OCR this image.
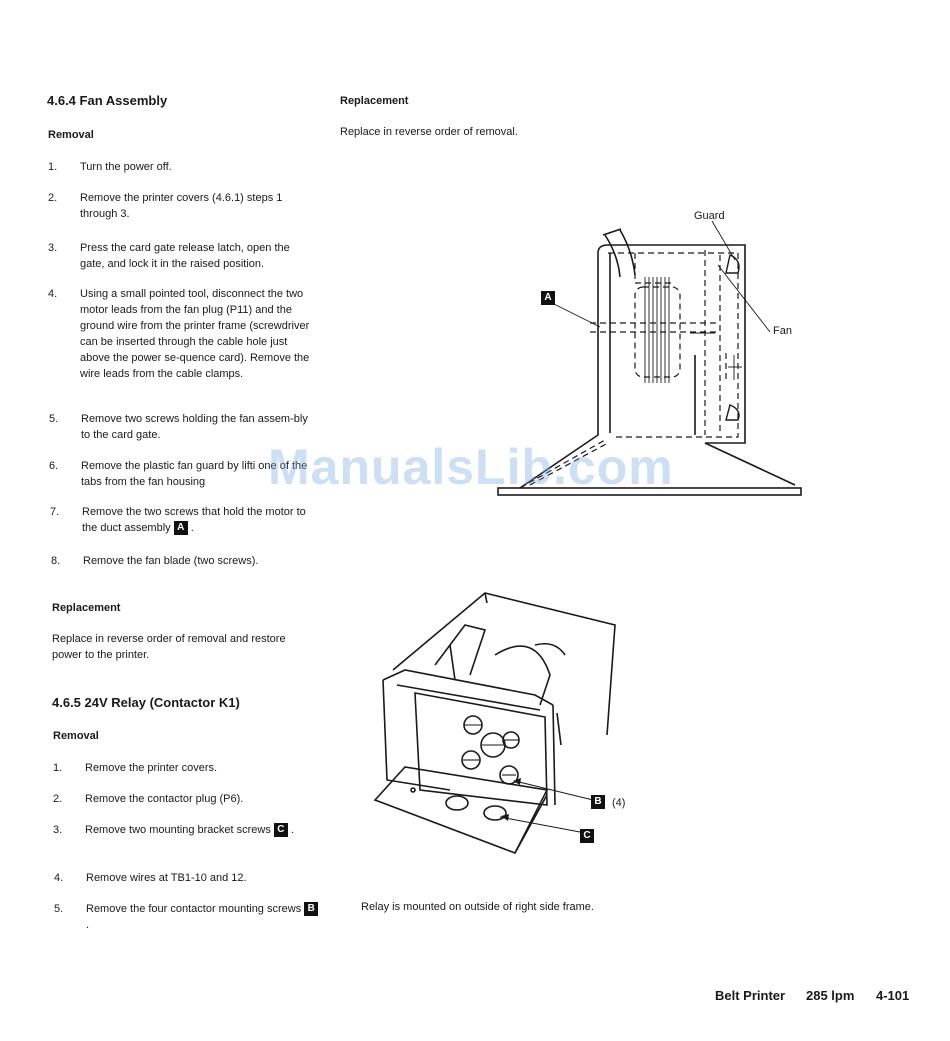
4.6.4 Fan Assembly
Removal
1.	Turn the power off.
2.	Remove the printer covers (4.6.1) steps 1 through 3.
3.	Press the card gate release latch, open the gate, and lock it in the raised position.
4.	Using a small pointed tool, disconnect the two motor leads from the fan plug (P11) and the ground wire from the printer frame (screwdriver can be inserted through the cable hole just above the power se-quence card). Remove the wire leads from the cable clamps.
5.	Remove two screws holding the fan assem-bly to the card gate.
6.	Remove the plastic fan guard by lifti one of the tabs from the fan housing
7.	Remove the two screws that hold the motor to the duct assembly A .
8.	Remove the fan blade (two screws).
Replacement
Replace in reverse order of removal and restore power to the printer.
4.6.5 24V Relay (Contactor K1)
Removal
1.	Remove the printer covers.
2.	Remove the contactor plug (P6).
3.	Remove two mounting bracket screws C .
4.	Remove wires at TB1-10 and 12.
5.	Remove the four contactor mounting screws B .
Replacement
Replace in reverse order of removal.
Guard
Fan
A
B (4)
C
Relay is mounted on outside of right side frame.
ManualsLib.com
Belt Printer 285 lpm 4-101
